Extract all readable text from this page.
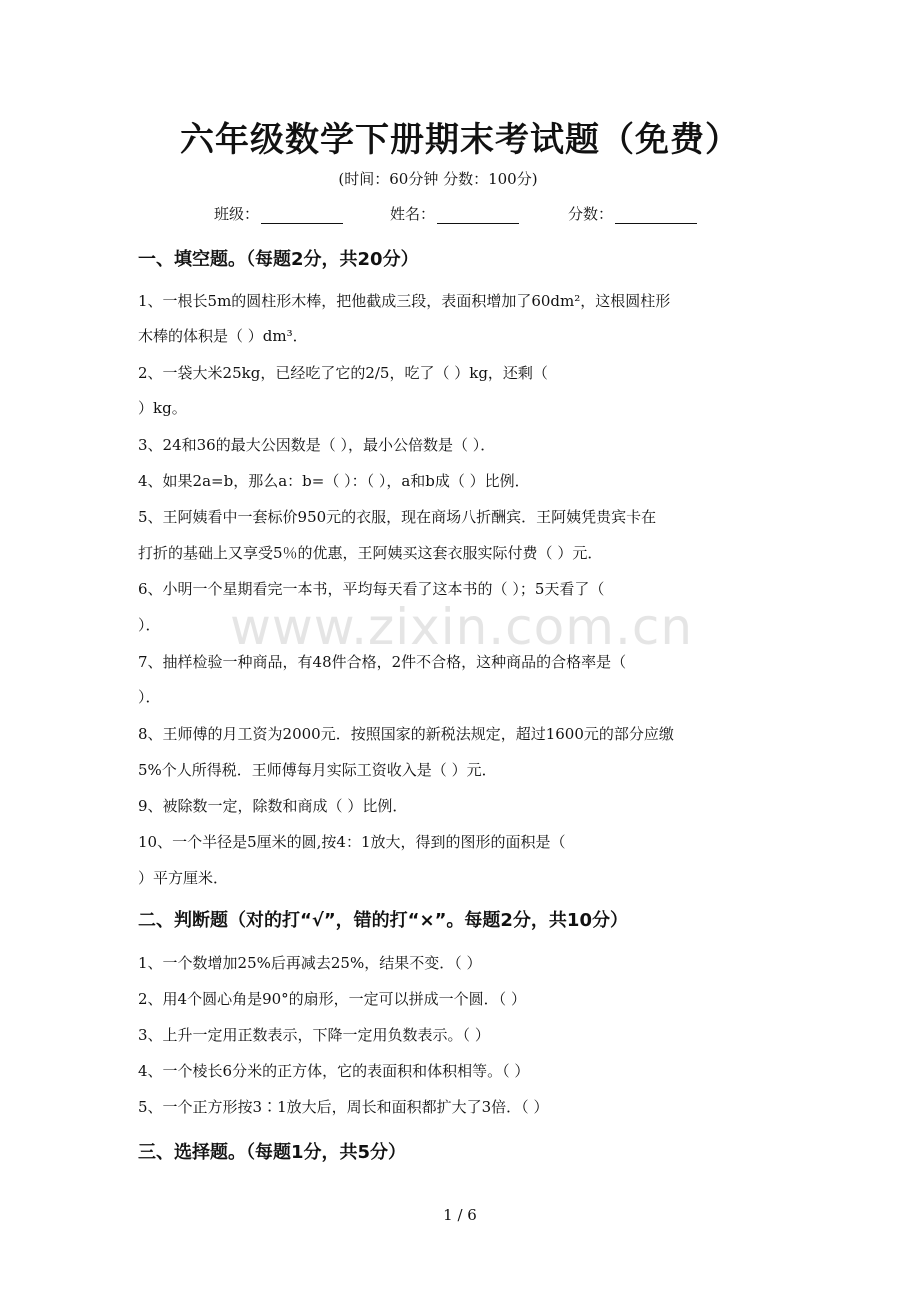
六年级数学下册期末考试题（免费）
(时间：60分钟 分数：100分)
班级：	姓名：	分数：
一、填空题。（每题2分，共20分）
1、一根长5m的圆柱形木棒，把他截成三段，表面积增加了60dm²，这根圆柱形
木棒的体积是（ ）dm³．
2、一袋大米25kg，已经吃了它的2/5，吃了（ ）kg，还剩（
）kg。
3、24和36的最大公因数是（ ），最小公倍数是（ ）．
4、如果2a=b，那么a：b=（ ）：（ ），a和b成（ ）比例．
5、王阿姨看中一套标价950元的衣服，现在商场八折酬宾．王阿姨凭贵宾卡在
打折的基础上又享受5％的优惠，王阿姨买这套衣服实际付费（ ）元．
6、小明一个星期看完一本书，平均每天看了这本书的（ ）；5天看了（
）．
7、抽样检验一种商品，有48件合格，2件不合格，这种商品的合格率是（
）．
8、王师傅的月工资为2000元．按照国家的新税法规定，超过1600元的部分应缴
5%个人所得税．王师傅每月实际工资收入是（ ）元．
9、被除数一定，除数和商成（ ）比例．
10、一个半径是5厘米的圆,按4：1放大，得到的图形的面积是（
）平方厘米．
二、判断题（对的打“√”，错的打“×”。每题2分，共10分）
1、一个数增加25%后再减去25%，结果不变．（ ）
2、用4个圆心角是90°的扇形，一定可以拼成一个圆．（ ）
3、上升一定用正数表示，下降一定用负数表示。（ ）
4、一个棱长6分米的正方体，它的表面积和体积相等。（ ）
5、一个正方形按3∶1放大后，周长和面积都扩大了3倍．（ ）
三、选择题。（每题1分，共5分）
www.zixin.com.cn
1 / 6
